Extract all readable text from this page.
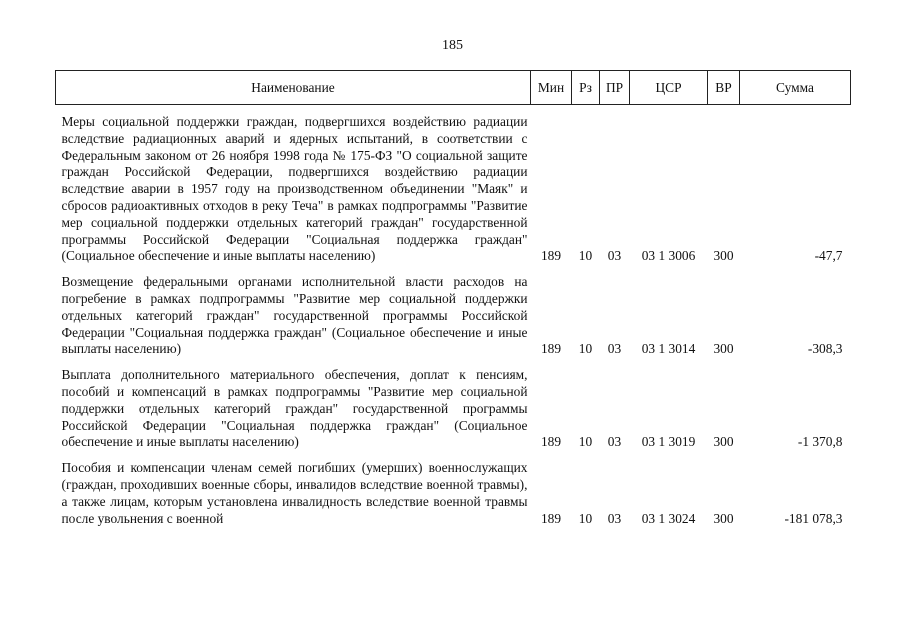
185
Наименование	Мин	Рз	ПР	ЦСР	ВР	Сумма

Меры социальной поддержки граждан, подвергшихся воздействию радиации вследствие радиационных аварий и ядерных испытаний, в соответствии с Федеральным законом от 26 ноября 1998 года № 175-ФЗ "О социальной защите граждан Российской Федерации, подвергшихся воздействию радиации вследствие аварии в 1957 году на производственном объединении "Маяк" и сбросов радиоактивных отходов в реку Теча" в рамках подпрограммы "Развитие мер социальной поддержки отдельных категорий граждан" государственной программы Российской Федерации "Социальная поддержка граждан" (Социальное обеспечение и иные выплаты населению)	189	10	03	03 1 3006	300	-47,7

Возмещение федеральными органами исполнительной власти расходов на погребение в рамках подпрограммы "Развитие мер социальной поддержки отдельных категорий граждан" государственной программы Российской Федерации "Социальная поддержка граждан" (Социальное обеспечение и иные выплаты населению)	189	10	03	03 1 3014	300	-308,3

Выплата дополнительного материального обеспечения, доплат к пенсиям, пособий и компенсаций в рамках подпрограммы "Развитие мер социальной поддержки отдельных категорий граждан" государственной программы Российской Федерации "Социальная поддержка граждан" (Социальное обеспечение и иные выплаты населению)	189	10	03	03 1 3019	300	-1 370,8

Пособия и компенсации членам семей погибших (умерших) военнослужащих (граждан, проходивших военные сборы, инвалидов вследствие военной травмы), а также лицам, которым установлена инвалидность вследствие военной травмы после увольнения с военной	189	10	03	03 1 3024	300	-181 078,3
